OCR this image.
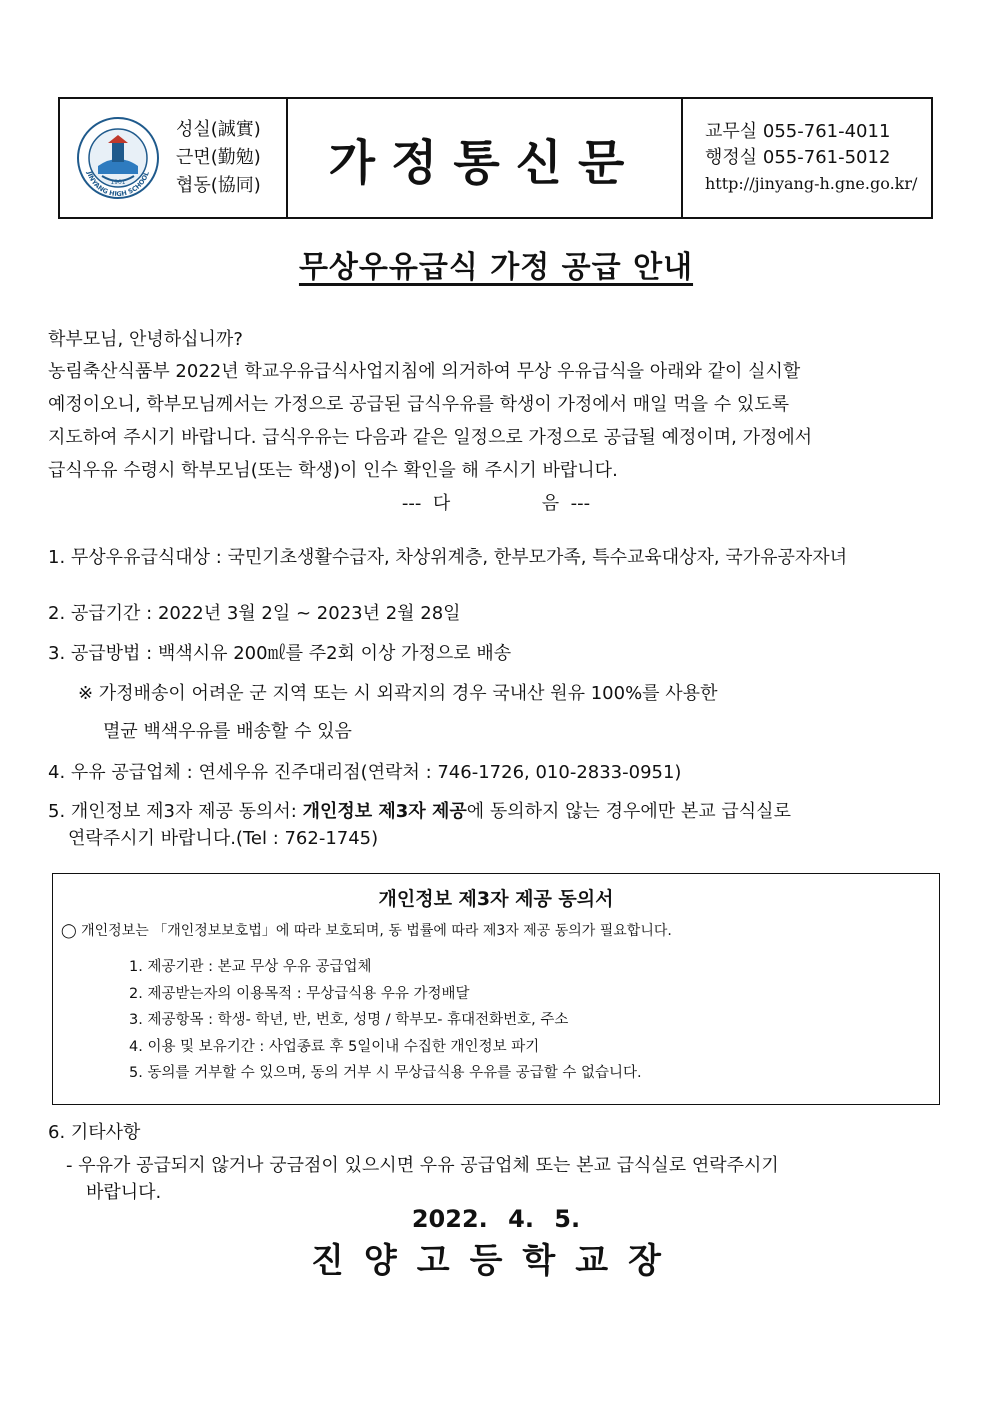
1901
JINYANG HIGH SCHOOL
성실(誠實)
근면(勤勉)
협동(協同) 가정통신문
교무실 055-761-4011
행정실 055-761-5012
http://jinyang-h.gne.go.kr/
무상우유급식 가정 공급 안내
학부모님, 안녕하십니까?
농림축산식품부 2022년 학교우유급식사업지침에 의거하여 무상 우유급식을 아래와 같이 실시할
예정이오니, 학부모님께서는 가정으로 공급된 급식우유를 학생이 가정에서 매일 먹을 수 있도록
지도하여 주시기 바랍니다. 급식우유는 다음과 같은 일정으로 가정으로 공급될 예정이며, 가정에서
급식우유 수령시 학부모님(또는 학생)이 인수 확인을 해 주시기 바랍니다.
---  다                음  ---
1. 무상우유급식대상 : 국민기초생활수급자, 차상위계층, 한부모가족, 특수교육대상자, 국가유공자자녀
2. 공급기간 : 2022년 3월 2일 ~ 2023년 2월 28일
3. 공급방법 : 백색시유 200㎖를 주2회 이상 가정으로 배송
※ 가정배송이 어려운 군 지역 또는 시 외곽지의 경우 국내산 원유 100%를 사용한
멸균 백색우유를 배송할 수 있음
4. 우유 공급업체 : 연세우유 진주대리점(연락처 : 746-1726, 010-2833-0951)
5. 개인정보 제3자 제공 동의서: 개인정보 제3자 제공에 동의하지 않는 경우에만 본교 급식실로
연락주시기 바랍니다.(Tel : 762-1745)
개인정보 제3자 제공 동의서
◯ 개인정보는 「개인정보보호법」에 따라 보호되며, 동 법률에 따라 제3자 제공 동의가 필요합니다.
1. 제공기관 : 본교 무상 우유 공급업체
2. 제공받는자의 이용목적 : 무상급식용 우유 가정배달
3. 제공항목 : 학생- 학년, 반, 번호, 성명 / 학부모- 휴대전화번호, 주소
4. 이용 및 보유기간 : 사업종료 후 5일이내 수집한 개인정보 파기
5. 동의를 거부할 수 있으며, 동의 거부 시 무상급식용 우유를 공급할 수 없습니다.
6. 기타사항
- 우유가 공급되지 않거나 궁금점이 있으시면 우유 공급업체 또는 본교 급식실로 연락주시기
바랍니다.
2022. 4. 5.
진양고등학교장
